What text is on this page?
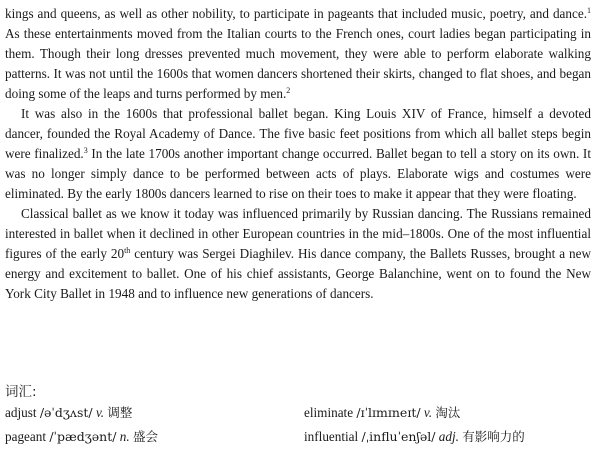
kings and queens, as well as other nobility, to participate in pageants that included music, poetry, and dance.$^1$ As these entertainments moved from the Italian courts to the French ones, court ladies began participating in them. Though their long dresses prevented much movement, they were able to perform elaborate walking patterns. It was not until the 1600s that women dancers shortened their skirts, changed to flat shoes, and began doing some of the leaps and turns performed by men.$^2$

It was also in the 1600s that professional ballet began. King Louis XIV of France, himself a devoted dancer, founded the Royal Academy of Dance. The five basic feet positions from which all ballet steps begin were finalized.$^3$ In the late 1700s another important change occurred. Ballet began to tell a story on its own. It was no longer simply dance to be performed between acts of plays. Elaborate wigs and costumes were eliminated. By the early 1800s dancers learned to rise on their toes to make it appear that they were floating.

Classical ballet as we know it today was influenced primarily by Russian dancing. The Russians remained interested in ballet when it declined in other European countries in the mid–1800s. One of the most influential figures of the early 20th century was Sergei Diaghilev. His dance company, the Ballets Russes, brought a new energy and excitement to ballet. One of his chief assistants, George Balanchine, went on to found the New York City Ballet in 1948 and to influence new generations of dancers.

词汇:
adjust /əˈdʒʌst/ v. 调整	eliminate /ɪˈlɪmɪneɪt/ v. 淘汰
pageant /ˈpædʒənt/ n. 盛会	influential /ˌinfluˈenʃəl/ adj. 有影响力的
